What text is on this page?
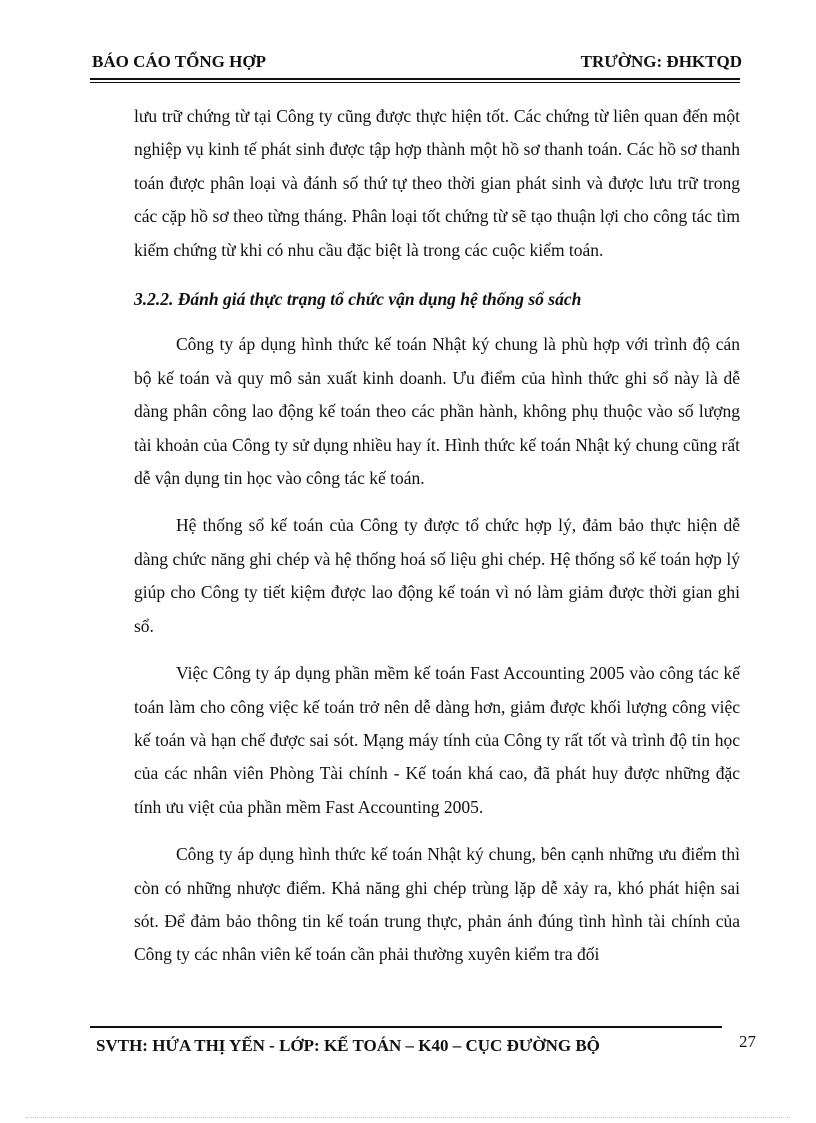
BÁO CÁO TỔNG HỢP	TRƯỜNG: ĐHKTQD

lưu trữ chứng từ tại Công ty cũng được thực hiện tốt. Các chứng từ liên quan đến một nghiệp vụ kinh tế phát sinh được tập hợp thành một hồ sơ thanh toán. Các hồ sơ thanh toán được phân loại và đánh số thứ tự theo thời gian phát sinh và được lưu trữ trong các cặp hồ sơ theo từng tháng. Phân loại tốt chứng từ sẽ tạo thuận lợi cho công tác tìm kiếm chứng từ khi có nhu cầu đặc biệt là trong các cuộc kiểm toán.

3.2.2. Đánh giá thực trạng tổ chức vận dụng hệ thống sổ sách

Công ty áp dụng hình thức kế toán Nhật ký chung là phù hợp với trình độ cán bộ kế toán và quy mô sản xuất kinh doanh. Ưu điểm của hình thức ghi sổ này là dễ dàng phân công lao động kế toán theo các phần hành, không phụ thuộc vào số lượng tài khoản của Công ty sử dụng nhiều hay ít. Hình thức kế toán Nhật ký chung cũng rất dễ vận dụng tin học vào công tác kế toán.

Hệ thống sổ kế toán của Công ty được tổ chức hợp lý, đảm bảo thực hiện dễ dàng chức năng ghi chép và hệ thống hoá số liệu ghi chép. Hệ thống sổ kế toán hợp lý giúp cho Công ty tiết kiệm được lao động kế toán vì nó làm giảm được thời gian ghi sổ.

Việc Công ty áp dụng phần mềm kế toán Fast Accounting 2005 vào công tác kế toán làm cho công việc kế toán trở nên dễ dàng hơn, giảm được khối lượng công việc kế toán và hạn chế được sai sót. Mạng máy tính của Công ty rất tốt và trình độ tin học của các nhân viên Phòng Tài chính - Kế toán khá cao, đã phát huy được những đặc tính ưu việt của phần mềm Fast Accounting 2005.

Công ty áp dụng hình thức kế toán Nhật ký chung, bên cạnh những ưu điểm thì còn có những nhược điểm. Khả năng ghi chép trùng lặp dễ xảy ra, khó phát hiện sai sót. Để đảm bảo thông tin kế toán trung thực, phản ánh đúng tình hình tài chính của Công ty các nhân viên kế toán cần phải thường xuyên kiểm tra đối

SVTH: HỨA THỊ YẾN - LỚP: KẾ TOÁN – K40 – CỤC ĐƯỜNG BỘ	27
